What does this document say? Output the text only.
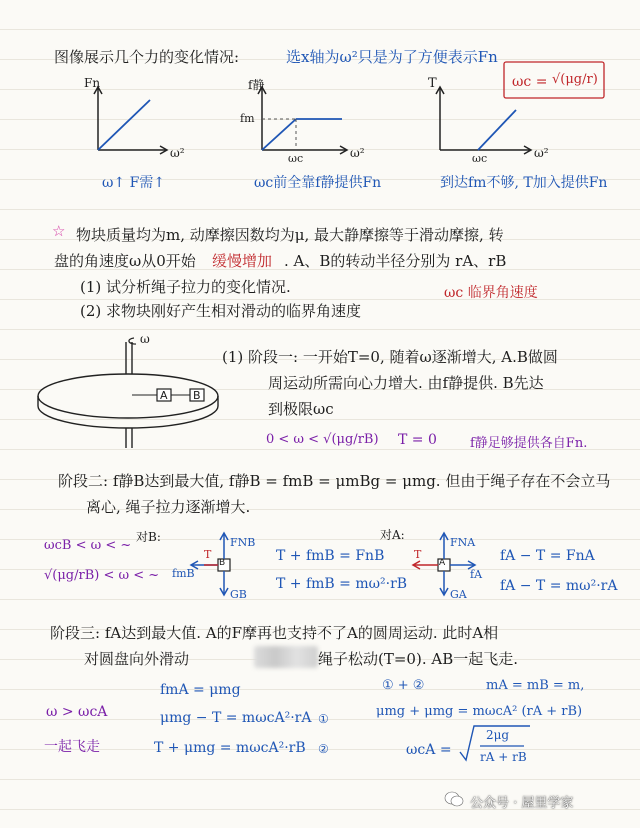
图像展示几个力的变化情况:	选x轴为ω²只是为了方便表示Fn
ωc = √(μg/r)
Fn
ω²
ω↑ F需↑
f静
fm
ωc	ω²
ωc前全靠f静提供Fn
T
ωc	ω²
到达fm不够, T加入提供Fn
☆ 物块质量均为m, 动摩擦因数均为μ, 最大静摩擦等于滑动摩擦, 转
盘的角速度ω从0开始 缓慢增加 . A、B的转动半径分别为 rA、rB
(1) 试分析绳子拉力的变化情况.
(2) 求物块刚好产生相对滑动的临界角速度
ωc 临界角速度
ω
A B
(1) 阶段一: 一开始T=0, 随着ω逐渐增大, A.B做圆
周运动所需向心力增大. 由f静提供. B先达
到极限ωc
0 < ω < √(μg/rB) T = 0	f静足够提供各自Fn.
阶段二: f静B达到最大值, f静B = fmB = μmBg = μmg. 但由于绳子存在不会立马
离心, 绳子拉力逐渐增大.
ωcB < ω < ~
√(μg/rB) < ω < ~
对B:	FNB
fmB
T
GB
B	T + fmB = FnB
T + fmB = mω²·rB
对A:
FNA
T
fA
GA
A	fA − T = FnA
fA − T = mω²·rA
阶段三: fA达到最大值. A的F摩再也支持不了A的圆周运动. 此时A相
对圆盘向外滑动	绳子松动(T=0). AB一起飞走.
ω > ωcA
一起飞走
fmA = μmg
μmg − T = mωcA²·rA ①
T + μmg = mωcA²·rB ②
① + ②	mA = mB = m,
μmg + μmg = mωcA² (rA + rB)
ωcA =
2μg
rA + rB
公众号 · 屋里学家
